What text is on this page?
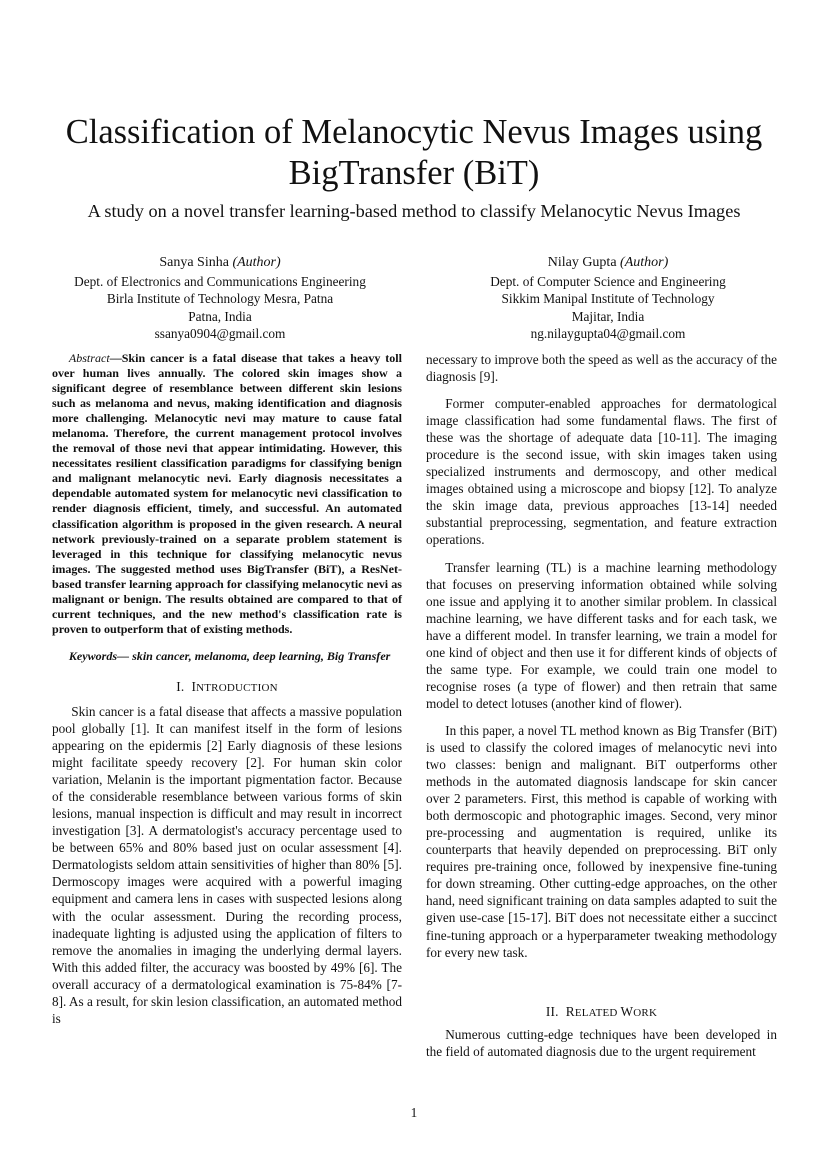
Classification of Melanocytic Nevus Images using BigTransfer (BiT)

A study on a novel transfer learning-based method to classify Melanocytic Nevus Images

Sanya Sinha (Author)
Dept. of Electronics and Communications Engineering
Birla Institute of Technology Mesra, Patna
Patna, India
ssanya0904@gmail.com
Nilay Gupta (Author)
Dept. of Computer Science and Engineering
Sikkim Manipal Institute of Technology
Majitar, India
ng.nilaygupta04@gmail.com

Abstract—Skin cancer is a fatal disease that takes a heavy toll over human lives annually. The colored skin images show a significant degree of resemblance between different skin lesions such as melanoma and nevus, making identification and diagnosis more challenging. Melanocytic nevi may mature to cause fatal melanoma. Therefore, the current management protocol involves the removal of those nevi that appear intimidating. However, this necessitates resilient classification paradigms for classifying benign and malignant melanocytic nevi. Early diagnosis necessitates a dependable automated system for melanocytic nevi classification to render diagnosis efficient, timely, and successful. An automated classification algorithm is proposed in the given research. A neural network previously-trained on a separate problem statement is leveraged in this technique for classifying melanocytic nevus images. The suggested method uses BigTransfer (BiT), a ResNet-based transfer learning approach for classifying melanocytic nevi as malignant or benign. The results obtained are compared to that of current techniques, and the new method's classification rate is proven to outperform that of existing methods.

Keywords— skin cancer, melanoma, deep learning, Big Transfer

I. INTRODUCTION

Skin cancer is a fatal disease that affects a massive population pool globally [1]. It can manifest itself in the form of lesions appearing on the epidermis [2] Early diagnosis of these lesions might facilitate speedy recovery [2]. For human skin color variation, Melanin is the important pigmentation factor. Because of the considerable resemblance between various forms of skin lesions, manual inspection is difficult and may result in incorrect investigation [3]. A dermatologist's accuracy percentage used to be between 65% and 80% based just on ocular assessment [4]. Dermatologists seldom attain sensitivities of higher than 80% [5]. Dermoscopy images were acquired with a powerful imaging equipment and camera lens in cases with suspected lesions along with the ocular assessment. During the recording process, inadequate lighting is adjusted using the application of filters to remove the anomalies in imaging the underlying dermal layers. With this added filter, the accuracy was boosted by 49% [6]. The overall accuracy of a dermatological examination is 75-84% [7-8]. As a result, for skin lesion classification, an automated method is

necessary to improve both the speed as well as the accuracy of the diagnosis [9].

Former computer-enabled approaches for dermatological image classification had some fundamental flaws. The first of these was the shortage of adequate data [10-11]. The imaging procedure is the second issue, with skin images taken using specialized instruments and dermoscopy, and other medical images obtained using a microscope and biopsy [12]. To analyze the skin image data, previous approaches [13-14] needed substantial preprocessing, segmentation, and feature extraction operations.

Transfer learning (TL) is a machine learning methodology that focuses on preserving information obtained while solving one issue and applying it to another similar problem. In classical machine learning, we have different tasks and for each task, we have a different model. In transfer learning, we train a model for one kind of object and then use it for different kinds of objects of the same type. For example, we could train one model to recognise roses (a type of flower) and then retrain that same model to detect lotuses (another kind of flower).

In this paper, a novel TL method known as Big Transfer (BiT) is used to classify the colored images of melanocytic nevi into two classes: benign and malignant. BiT outperforms other methods in the automated diagnosis landscape for skin cancer over 2 parameters. First, this method is capable of working with both dermoscopic and photographic images. Second, very minor pre-processing and augmentation is required, unlike its counterparts that heavily depended on preprocessing. BiT only requires pre-training once, followed by inexpensive fine-tuning for down streaming. Other cutting-edge approaches, on the other hand, need significant training on data samples adapted to suit the given use-case [15-17]. BiT does not necessitate either a succinct fine-tuning approach or a hyperparameter tweaking methodology for every new task.

II. RELATED WORK

Numerous cutting-edge techniques have been developed in the field of automated diagnosis due to the urgent requirement

1
